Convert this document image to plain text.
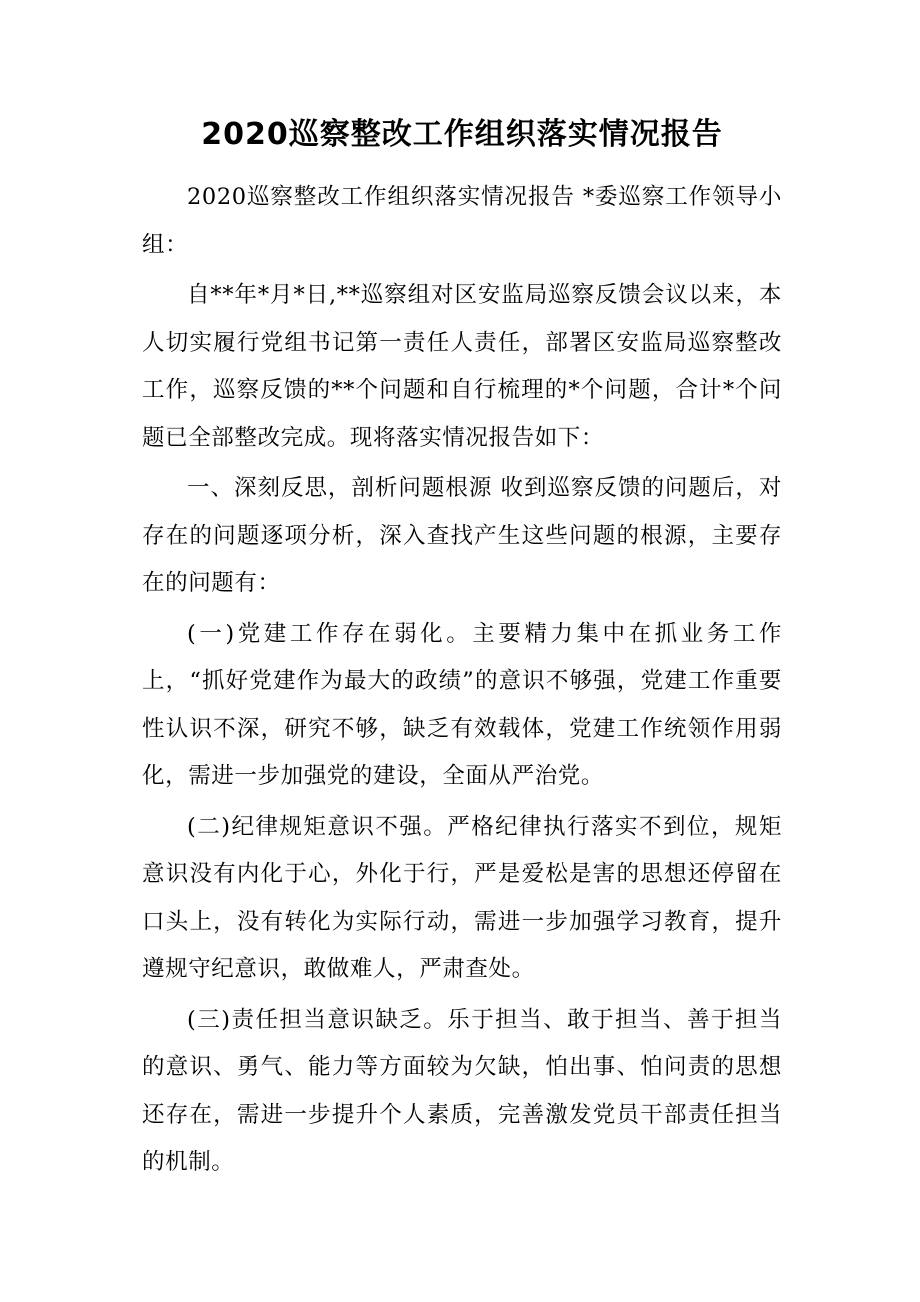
2020巡察整改工作组织落实情况报告

2020巡察整改工作组织落实情况报告 *委巡察工作领导小组：

自**年*月*日,**巡察组对区安监局巡察反馈会议以来，本人切实履行党组书记第一责任人责任，部署区安监局巡察整改工作，巡察反馈的**个问题和自行梳理的*个问题，合计*个问题已全部整改完成。现将落实情况报告如下：

一、深刻反思，剖析问题根源 收到巡察反馈的问题后，对存在的问题逐项分析，深入查找产生这些问题的根源，主要存在的问题有：

(一)党建工作存在弱化。主要精力集中在抓业务工作上，“抓好党建作为最大的政绩”的意识不够强，党建工作重要性认识不深，研究不够，缺乏有效载体，党建工作统领作用弱化，需进一步加强党的建设，全面从严治党。

(二)纪律规矩意识不强。严格纪律执行落实不到位，规矩意识没有内化于心，外化于行，严是爱松是害的思想还停留在口头上，没有转化为实际行动，需进一步加强学习教育，提升遵规守纪意识，敢做难人，严肃查处。

(三)责任担当意识缺乏。乐于担当、敢于担当、善于担当的意识、勇气、能力等方面较为欠缺，怕出事、怕问责的思想还存在，需进一步提升个人素质，完善激发党员干部责任担当的机制。
